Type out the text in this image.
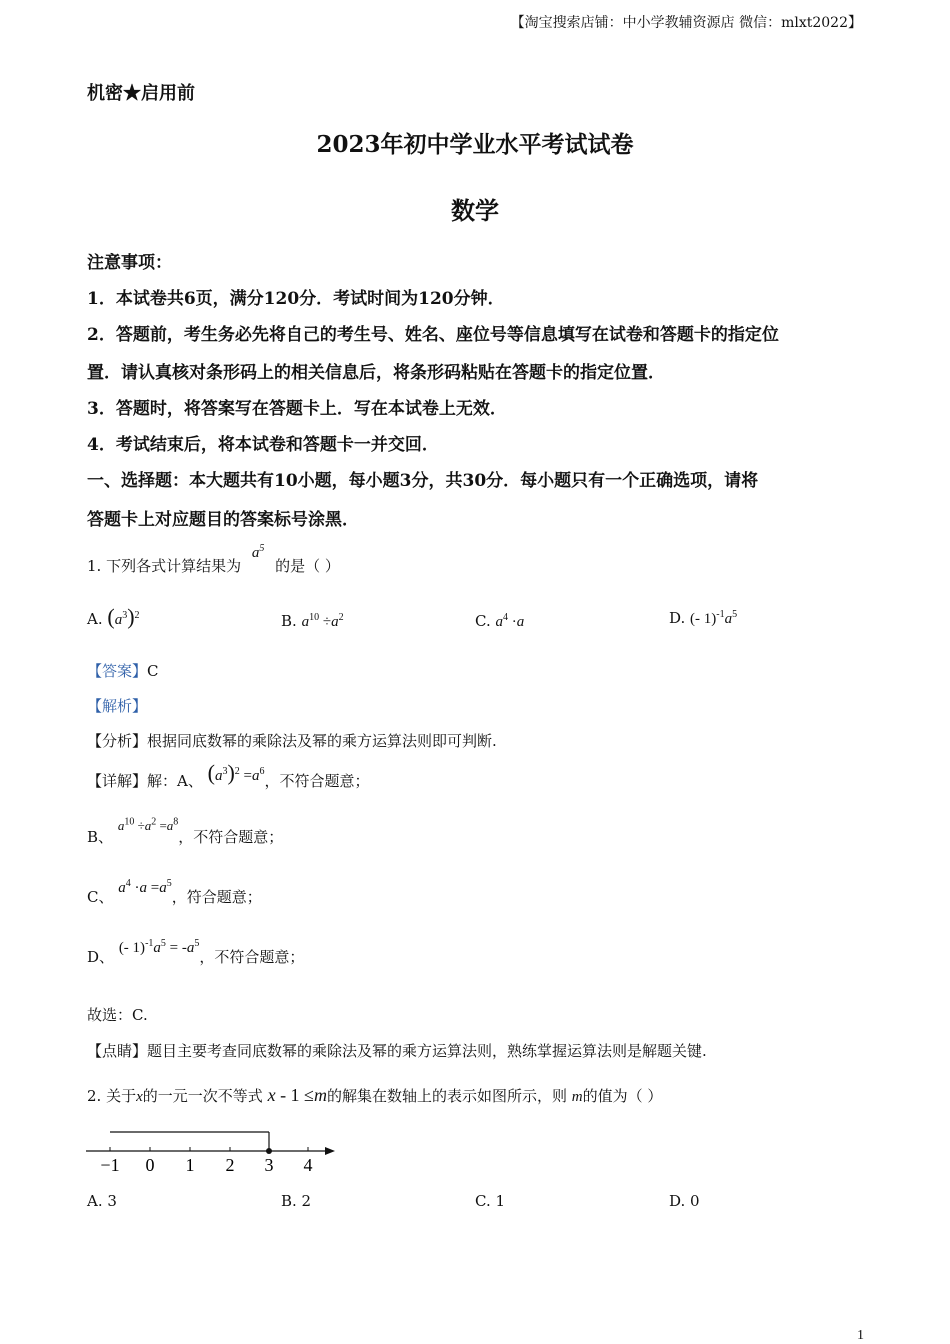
【淘宝搜索店铺：中小学教辅资源店 微信：mlxt2022】
机密★启用前
2023年初中学业水平考试试卷
数学
注意事项：
1．本试卷共6页，满分120分．考试时间为120分钟．
2．答题前，考生务必先将自己的考生号、姓名、座位号等信息填写在试卷和答题卡的指定位
置．请认真核对条形码上的相关信息后，将条形码粘贴在答题卡的指定位置．
3．答题时，将答案写在答题卡上．写在本试卷上无效．
4．考试结束后，将本试卷和答题卡一并交回．
一、选择题：本大题共有10小题，每小题3分，共30分．每小题只有一个正确选项，请将
答题卡上对应题目的答案标号涂黑．
1. 下列各式计算结果为 $a^5$ 的是（ ）
A. $(a^3)^2$	B. $a^{10} \div a^2$	C. $a^4 \cdot a$	D. (- $1)^{-1}a^5$
【答案】C
【解析】
【分析】根据同底数幂的乘除法及幂的乘方运算法则即可判断.
【详解】解：A、 $(a^3)^2 =a^6$，不符合题意；
B、 $a^{10} \div a^2 =a^8$，不符合题意；
C、 $a^4 \cdot a =a^5$，符合题意；
D、 (- $1)^{-1}a^5 = -a^5$，不符合题意；
故选：C.
【点睛】题目主要考查同底数幂的乘除法及幂的乘方运算法则，熟练掌握运算法则是解题关键.
2. 关于x的一元一次不等式 x - 1 ≤m的解集在数轴上的表示如图所示，则 m的值为（ ）
−1 0 1 2 3 4
A. 3	B. 2	C. 1	D. 0
1
